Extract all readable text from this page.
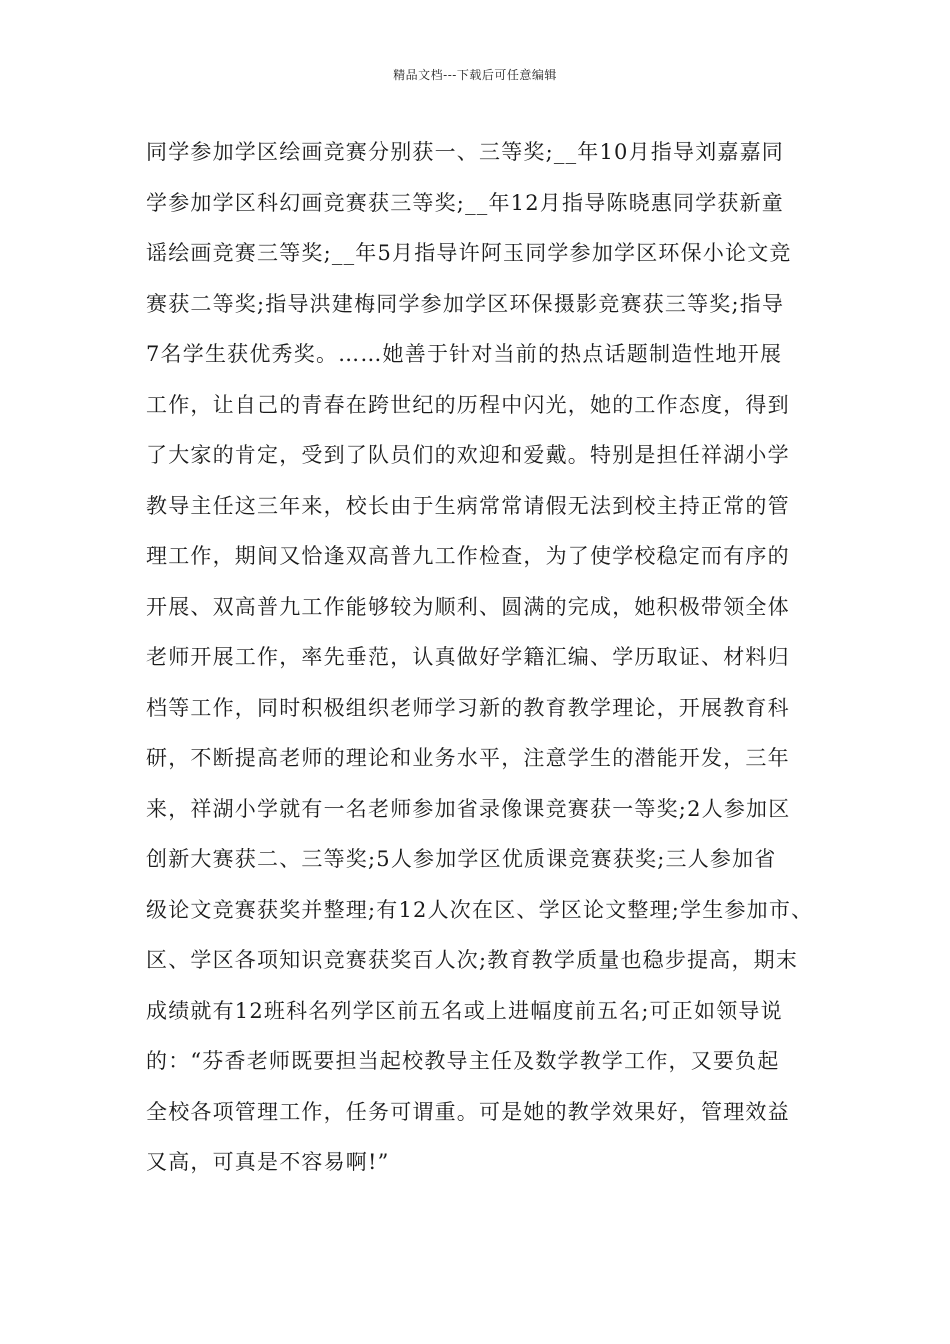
精品文档---下载后可任意编辑
同学参加学区绘画竞赛分别获一、三等奖;__年10月指导刘嘉嘉同
学参加学区科幻画竞赛获三等奖;__年12月指导陈晓惠同学获新童
谣绘画竞赛三等奖;__年5月指导许阿玉同学参加学区环保小论文竞
赛获二等奖;指导洪建梅同学参加学区环保摄影竞赛获三等奖;指导
7名学生获优秀奖。……她善于针对当前的热点话题制造性地开展
工作，让自己的青春在跨世纪的历程中闪光，她的工作态度，得到
了大家的肯定，受到了队员们的欢迎和爱戴。特别是担任祥湖小学
教导主任这三年来，校长由于生病常常请假无法到校主持正常的管
理工作，期间又恰逢双高普九工作检查，为了使学校稳定而有序的
开展、双高普九工作能够较为顺利、圆满的完成，她积极带领全体
老师开展工作，率先垂范，认真做好学籍汇编、学历取证、材料归
档等工作，同时积极组织老师学习新的教育教学理论，开展教育科
研，不断提高老师的理论和业务水平，注意学生的潜能开发，三年
来，祥湖小学就有一名老师参加省录像课竞赛获一等奖;2人参加区
创新大赛获二、三等奖;5人参加学区优质课竞赛获奖;三人参加省
级论文竞赛获奖并整理;有12人次在区、学区论文整理;学生参加市、
区、学区各项知识竞赛获奖百人次;教育教学质量也稳步提高，期末
成绩就有12班科名列学区前五名或上进幅度前五名;可正如领导说
的：“芬香老师既要担当起校教导主任及数学教学工作，又要负起
全校各项管理工作，任务可谓重。可是她的教学效果好，管理效益
又高，可真是不容易啊!”
